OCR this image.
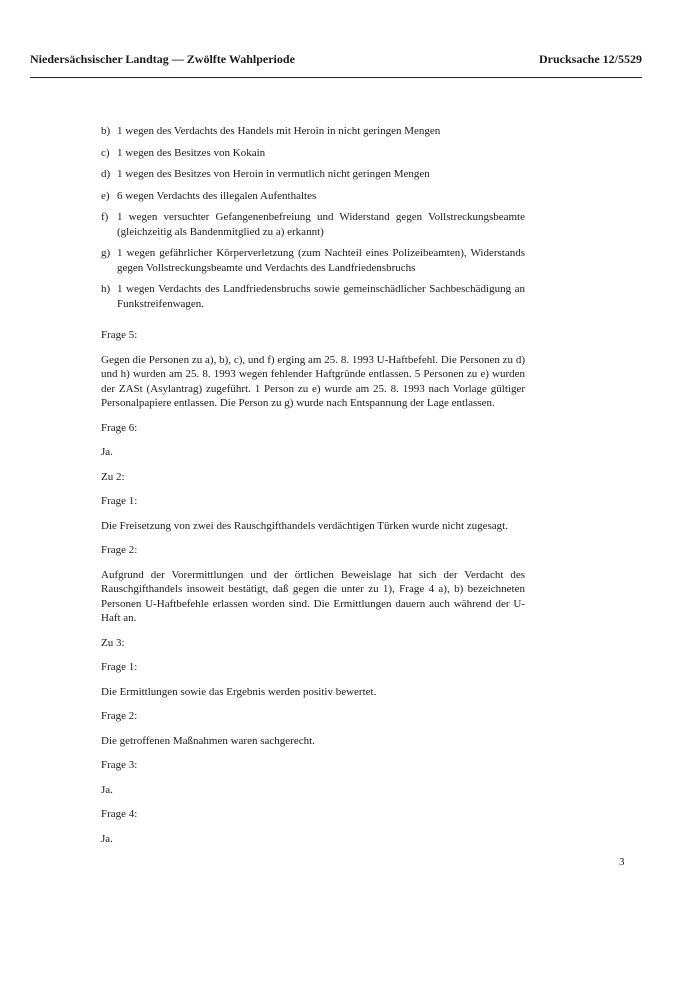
Niedersächsischer Landtag — Zwölfte Wahlperiode	Drucksache 12/5529
b) 1 wegen des Verdachts des Handels mit Heroin in nicht geringen Mengen
c) 1 wegen des Besitzes von Kokain
d) 1 wegen des Besitzes von Heroin in vermutlich nicht geringen Mengen
e) 6 wegen Verdachts des illegalen Aufenthaltes
f) 1 wegen versuchter Gefangenenbefreiung und Widerstand gegen Vollstreckungsbeamte (gleichzeitig als Bandenmitglied zu a) erkannt)
g) 1 wegen gefährlicher Körperverletzung (zum Nachteil eines Polizeibeamten), Widerstands gegen Vollstreckungsbeamte und Verdachts des Landfriedensbruchs
h) 1 wegen Verdachts des Landfriedensbruchs sowie gemeinschädlicher Sachbeschädigung an Funkstreifenwagen.

Frage 5:

Gegen die Personen zu a), b), c), und f) erging am 25. 8. 1993 U-Haftbefehl. Die Personen zu d) und h) wurden am 25. 8. 1993 wegen fehlender Haftgründe entlassen. 5 Personen zu e) wurden der ZASt (Asylantrag) zugeführt. 1 Person zu e) wurde am 25. 8. 1993 nach Vorlage gültiger Personalpapiere entlassen. Die Person zu g) wurde nach Entspannung der Lage entlassen.

Frage 6:

Ja.

Zu 2:

Frage 1:

Die Freisetzung von zwei des Rauschgifthandels verdächtigen Türken wurde nicht zugesagt.

Frage 2:

Aufgrund der Vorermittlungen und der örtlichen Beweislage hat sich der Verdacht des Rauschgifthandels insoweit bestätigt, daß gegen die unter zu 1), Frage 4 a), b) bezeichneten Personen U-Haftbefehle erlassen worden sind. Die Ermittlungen dauern auch während der U-Haft an.

Zu 3:

Frage 1:

Die Ermittlungen sowie das Ergebnis werden positiv bewertet.

Frage 2:

Die getroffenen Maßnahmen waren sachgerecht.

Frage 3:

Ja.

Frage 4:

Ja.

3
